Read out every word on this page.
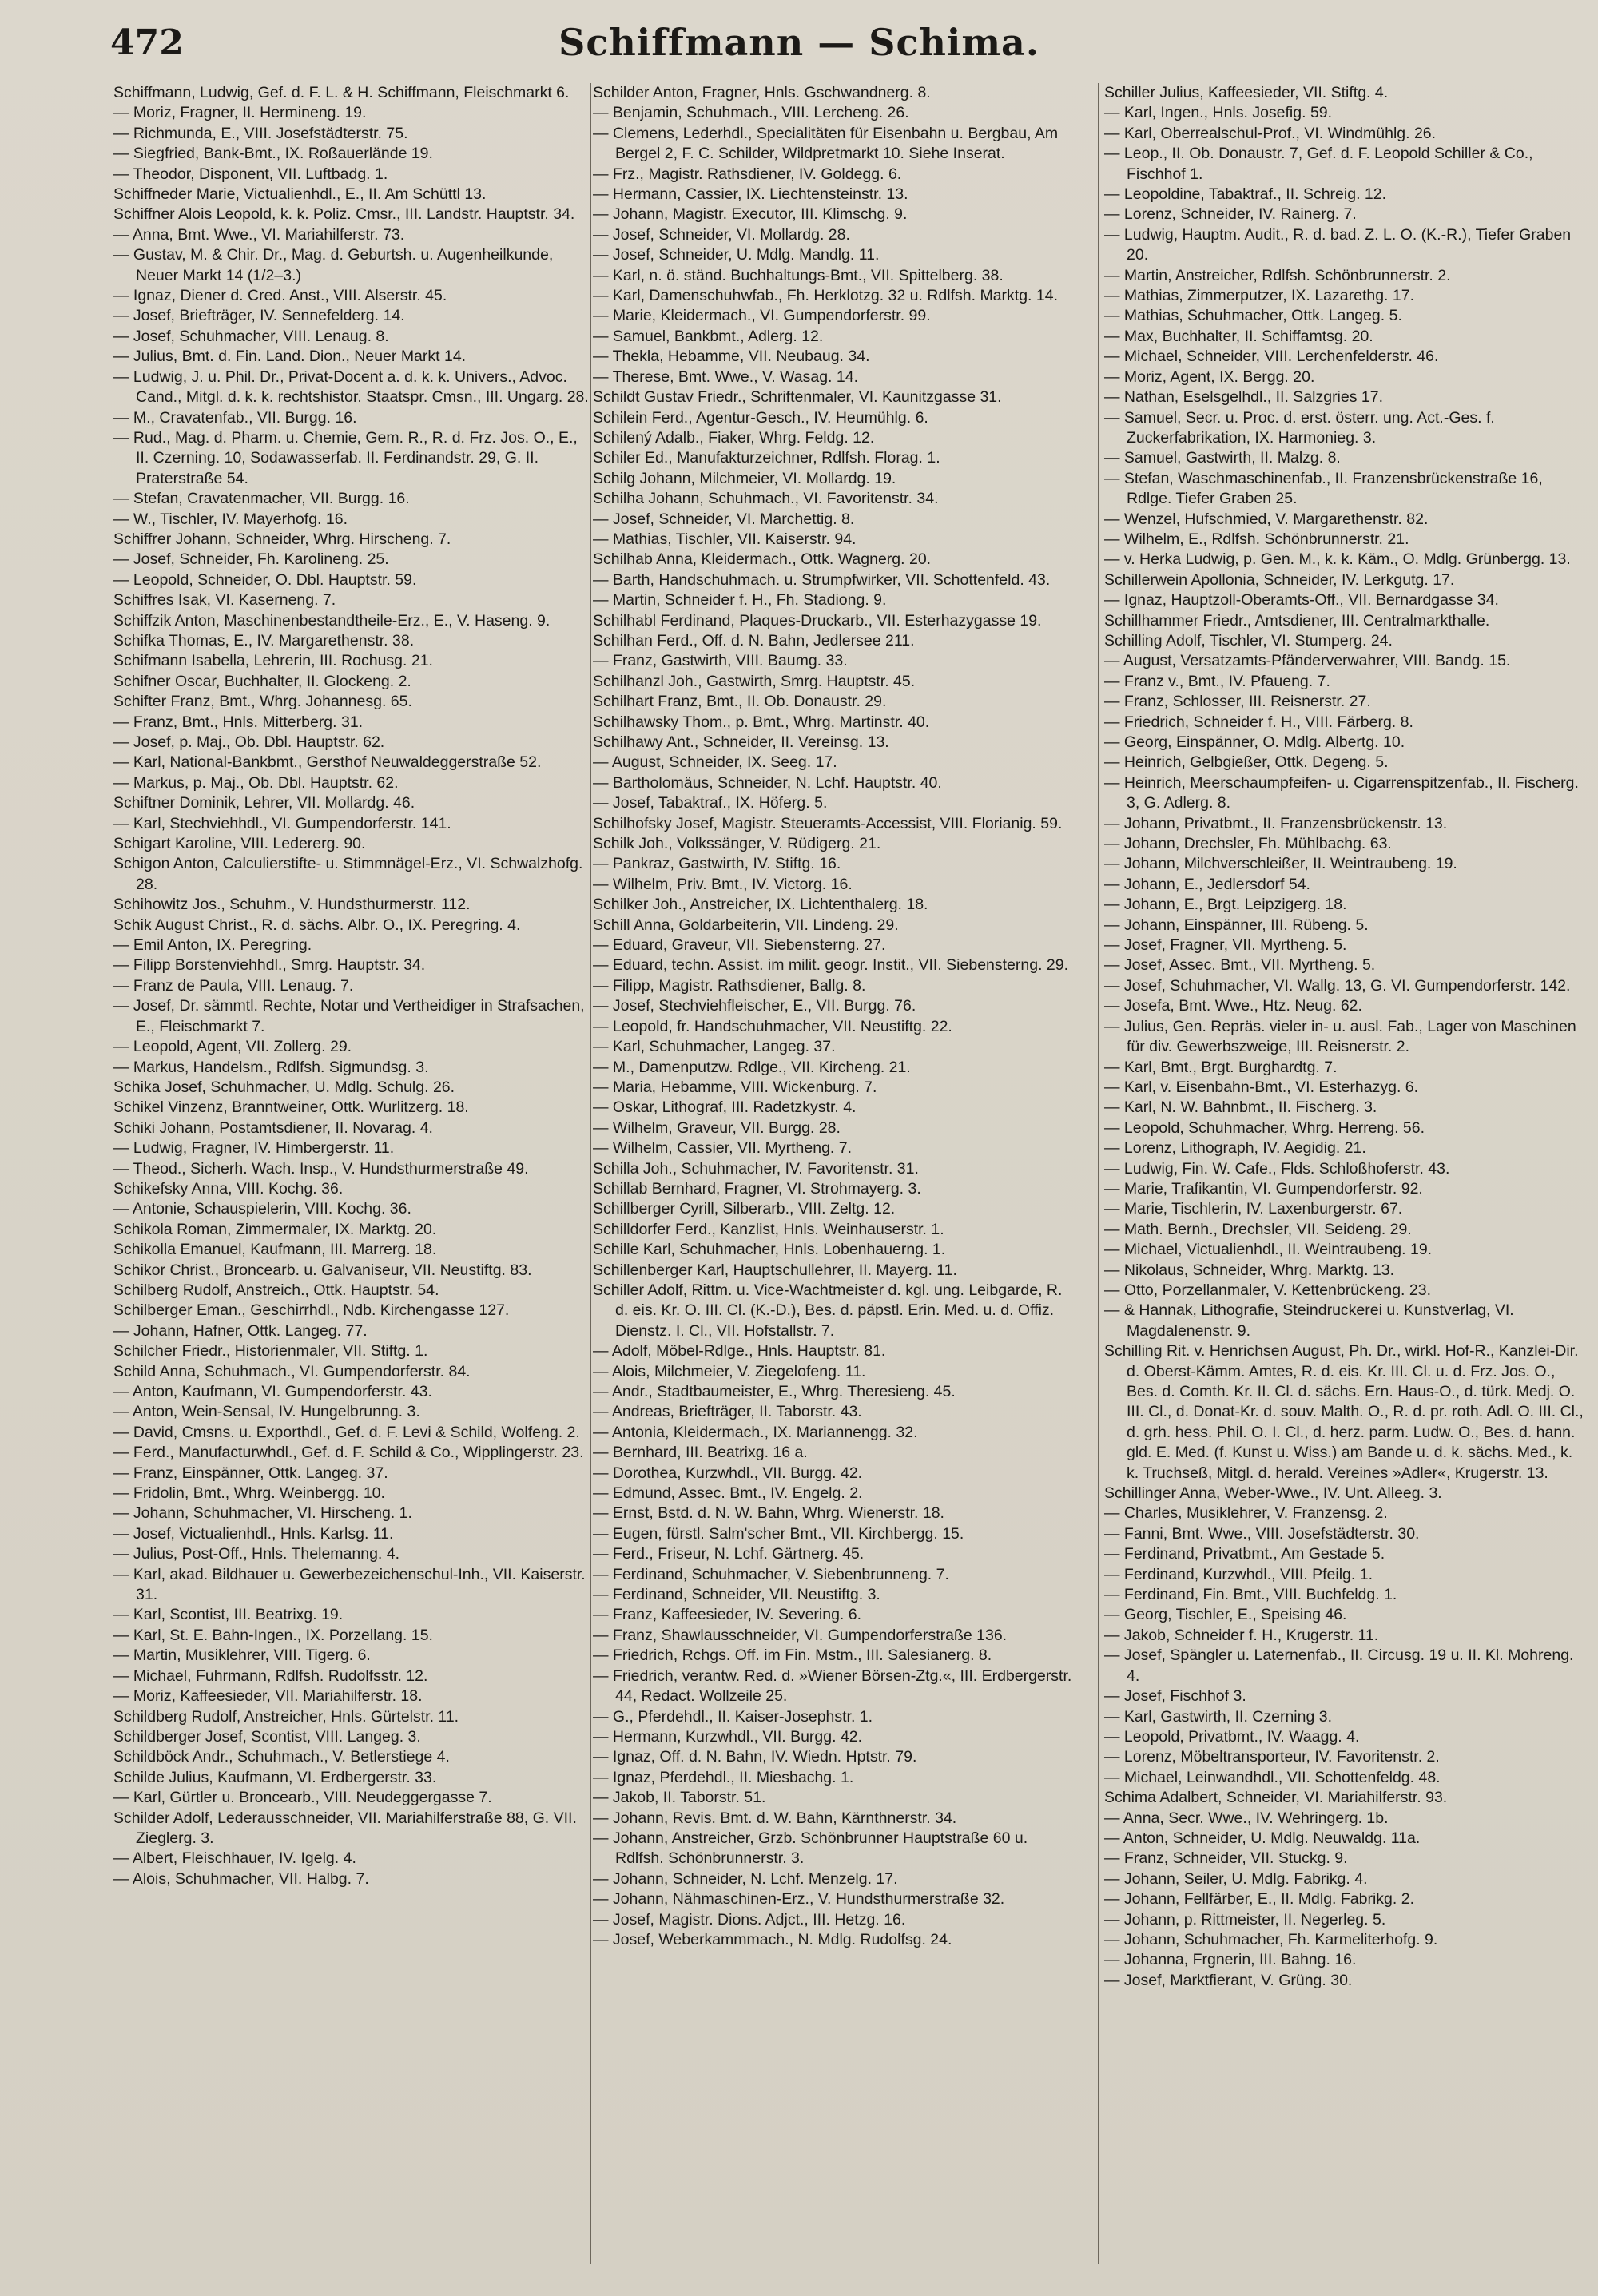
472	Schiffmann — Schima.
Schiffmann, Ludwig, Gef. d. F. L. & H. Schiffmann, Fleischmarkt 6.
— Moriz, Fragner, II. Hermineng. 19.
— Richmunda, E., VIII. Josefstädterstr. 75.
— Siegfried, Bank-Bmt., IX. Roßauerlände 19.
— Theodor, Disponent, VII. Luftbadg. 1.
Schiffneder Marie, Victualienhdl., E., II. Am Schüttl 13.
Schiffner Alois Leopold, k. k. Poliz. Cmsr., III. Landstr. Hauptstr. 34.
— Anna, Bmt. Wwe., VI. Mariahilferstr. 73.
— Gustav, M. & Chir. Dr., Mag. d. Geburtsh. u. Augenheilkunde, Neuer Markt 14 (1/2–3.)
— Ignaz, Diener d. Cred. Anst., VIII. Alserstr. 45.
— Josef, Briefträger, IV. Sennefelderg. 14.
— Josef, Schuhmacher, VIII. Lenaug. 8.
— Julius, Bmt. d. Fin. Land. Dion., Neuer Markt 14.
— Ludwig, J. u. Phil. Dr., Privat-Docent a. d. k. k. Univers., Advoc. Cand., Mitgl. d. k. k. rechtshistor. Staatspr. Cmsn., III. Ungarg. 28.
— M., Cravatenfab., VII. Burgg. 16.
— Rud., Mag. d. Pharm. u. Chemie, Gem. R., R. d. Frz. Jos. O., E., II. Czerning. 10, Sodawasserfab. II. Ferdinandstr. 29, G. II. Praterstraße 54.
— Stefan, Cravatenmacher, VII. Burgg. 16.
— W., Tischler, IV. Mayerhofg. 16.
Schiffrer Johann, Schneider, Whrg. Hirscheng. 7.
— Josef, Schneider, Fh. Karolineng. 25.
— Leopold, Schneider, O. Dbl. Hauptstr. 59.
Schiffres Isak, VI. Kaserneng. 7.
Schiffzik Anton, Maschinenbestandtheile-Erz., E., V. Haseng. 9.
Schifka Thomas, E., IV. Margarethenstr. 38.
Schifmann Isabella, Lehrerin, III. Rochusg. 21.
Schifner Oscar, Buchhalter, II. Glockeng. 2.
Schifter Franz, Bmt., Whrg. Johannesg. 65.
— Franz, Bmt., Hnls. Mitterberg. 31.
— Josef, p. Maj., Ob. Dbl. Hauptstr. 62.
— Karl, National-Bankbmt., Gersthof Neuwaldeggerstraße 52.
— Markus, p. Maj., Ob. Dbl. Hauptstr. 62.
Schiftner Dominik, Lehrer, VII. Mollardg. 46.
— Karl, Stechviehhdl., VI. Gumpendorferstr. 141.
Schigart Karoline, VIII. Ledererg. 90.
Schigon Anton, Calculierstifte- u. Stimmnägel-Erz., VI. Schwalzhofg. 28.
Schihowitz Jos., Schuhm., V. Hundsthurmerstr. 112.
Schik August Christ., R. d. sächs. Albr. O., IX. Peregring. 4.
— Emil Anton, IX. Peregring.
— Filipp Borstenviehhdl., Smrg. Hauptstr. 34.
— Franz de Paula, VIII. Lenaug. 7.
— Josef, Dr. sämmtl. Rechte, Notar und Vertheidiger in Strafsachen, E., Fleischmarkt 7.
— Leopold, Agent, VII. Zollerg. 29.
— Markus, Handelsm., Rdlfsh. Sigmundsg. 3.
Schika Josef, Schuhmacher, U. Mdlg. Schulg. 26.
Schikel Vinzenz, Branntweiner, Ottk. Wurlitzerg. 18.
Schiki Johann, Postamtsdiener, II. Novarag. 4.
— Ludwig, Fragner, IV. Himbergerstr. 11.
— Theod., Sicherh. Wach. Insp., V. Hundsthurmerstraße 49.
Schikefsky Anna, VIII. Kochg. 36.
— Antonie, Schauspielerin, VIII. Kochg. 36.
Schikola Roman, Zimmermaler, IX. Marktg. 20.
Schikolla Emanuel, Kaufmann, III. Marrerg. 18.
Schikor Christ., Broncearb. u. Galvaniseur, VII. Neustiftg. 83.
Schilberg Rudolf, Anstreich., Ottk. Hauptstr. 54.
Schilberger Eman., Geschirrhdl., Ndb. Kirchengasse 127.
— Johann, Hafner, Ottk. Langeg. 77.
Schilcher Friedr., Historienmaler, VII. Stiftg. 1.
Schild Anna, Schuhmach., VI. Gumpendorferstr. 84.
— Anton, Kaufmann, VI. Gumpendorferstr. 43.
— Anton, Wein-Sensal, IV. Hungelbrunng. 3.
— David, Cmsns. u. Exporthdl., Gef. d. F. Levi & Schild, Wolfeng. 2.
— Ferd., Manufacturwhdl., Gef. d. F. Schild & Co., Wipplingerstr. 23.
— Franz, Einspänner, Ottk. Langeg. 37.
— Fridolin, Bmt., Whrg. Weinbergg. 10.
— Johann, Schuhmacher, VI. Hirscheng. 1.
— Josef, Victualienhdl., Hnls. Karlsg. 11.
— Julius, Post-Off., Hnls. Thelemanng. 4.
— Karl, akad. Bildhauer u. Gewerbezeichenschul-Inh., VII. Kaiserstr. 31.
— Karl, Scontist, III. Beatrixg. 19.
— Karl, St. E. Bahn-Ingen., IX. Porzellang. 15.
— Martin, Musiklehrer, VIII. Tigerg. 6.
— Michael, Fuhrmann, Rdlfsh. Rudolfsstr. 12.
— Moriz, Kaffeesieder, VII. Mariahilferstr. 18.
Schildberg Rudolf, Anstreicher, Hnls. Gürtelstr. 11.
Schildberger Josef, Scontist, VIII. Langeg. 3.
Schildböck Andr., Schuhmach., V. Betlerstiege 4.
Schilde Julius, Kaufmann, VI. Erdbergerstr. 33.
— Karl, Gürtler u. Broncearb., VIII. Neudeggergasse 7.
Schilder Adolf, Lederausschneider, VII. Mariahilferstraße 88, G. VII. Zieglerg. 3.
— Albert, Fleischhauer, IV. Igelg. 4.
— Alois, Schuhmacher, VII. Halbg. 7.
Schilder Anton, Fragner, Hnls. Gschwandnerg. 8.
— Benjamin, Schuhmach., VIII. Lercheng. 26.
— Clemens, Lederhdl., Specialitäten für Eisenbahn u. Bergbau, Am Bergel 2, F. C. Schilder, Wildpretmarkt 10. Siehe Inserat.
— Frz., Magistr. Rathsdiener, IV. Goldegg. 6.
— Hermann, Cassier, IX. Liechtensteinstr. 13.
— Johann, Magistr. Executor, III. Klimschg. 9.
— Josef, Schneider, VI. Mollardg. 28.
— Josef, Schneider, U. Mdlg. Mandlg. 11.
— Karl, n. ö. ständ. Buchhaltungs-Bmt., VII. Spittelberg. 38.
— Karl, Damenschuhwfab., Fh. Herklotzg. 32 u. Rdlfsh. Marktg. 14.
— Marie, Kleidermach., VI. Gumpendorferstr. 99.
— Samuel, Bankbmt., Adlerg. 12.
— Thekla, Hebamme, VII. Neubaug. 34.
— Therese, Bmt. Wwe., V. Wasag. 14.
Schildt Gustav Friedr., Schriftenmaler, VI. Kaunitzgasse 31.
Schilein Ferd., Agentur-Gesch., IV. Heumühlg. 6.
Schilený Adalb., Fiaker, Whrg. Feldg. 12.
Schiler Ed., Manufakturzeichner, Rdlfsh. Florag. 1.
Schilg Johann, Milchmeier, VI. Mollardg. 19.
Schilha Johann, Schuhmach., VI. Favoritenstr. 34.
— Josef, Schneider, VI. Marchettig. 8.
— Mathias, Tischler, VII. Kaiserstr. 94.
Schilhab Anna, Kleidermach., Ottk. Wagnerg. 20.
— Barth, Handschuhmach. u. Strumpfwirker, VII. Schottenfeld. 43.
— Martin, Schneider f. H., Fh. Stadiong. 9.
Schilhabl Ferdinand, Plaques-Druckarb., VII. Esterhazygasse 19.
Schilhan Ferd., Off. d. N. Bahn, Jedlersee 211.
— Franz, Gastwirth, VIII. Baumg. 33.
Schilhanzl Joh., Gastwirth, Smrg. Hauptstr. 45.
Schilhart Franz, Bmt., II. Ob. Donaustr. 29.
Schilhawsky Thom., p. Bmt., Whrg. Martinstr. 40.
Schilhawy Ant., Schneider, II. Vereinsg. 13.
— August, Schneider, IX. Seeg. 17.
— Bartholomäus, Schneider, N. Lchf. Hauptstr. 40.
— Josef, Tabaktraf., IX. Höferg. 5.
Schilhofsky Josef, Magistr. Steueramts-Accessist, VIII. Florianig. 59.
Schilk Joh., Volkssänger, V. Rüdigerg. 21.
— Pankraz, Gastwirth, IV. Stiftg. 16.
— Wilhelm, Priv. Bmt., IV. Victorg. 16.
Schilker Joh., Anstreicher, IX. Lichtenthalerg. 18.
Schill Anna, Goldarbeiterin, VII. Lindeng. 29.
— Eduard, Graveur, VII. Siebensterng. 27.
— Eduard, techn. Assist. im milit. geogr. Instit., VII. Siebensterng. 29.
— Filipp, Magistr. Rathsdiener, Ballg. 8.
— Josef, Stechviehfleischer, E., VII. Burgg. 76.
— Leopold, fr. Handschuhmacher, VII. Neustiftg. 22.
— Karl, Schuhmacher, Langeg. 37.
— M., Damenputzw. Rdlge., VII. Kircheng. 21.
— Maria, Hebamme, VIII. Wickenburg. 7.
— Oskar, Lithograf, III. Radetzkystr. 4.
— Wilhelm, Graveur, VII. Burgg. 28.
— Wilhelm, Cassier, VII. Myrtheng. 7.
Schilla Joh., Schuhmacher, IV. Favoritenstr. 31.
Schillab Bernhard, Fragner, VI. Strohmayerg. 3.
Schillberger Cyrill, Silberarb., VIII. Zeltg. 12.
Schilldorfer Ferd., Kanzlist, Hnls. Weinhauserstr. 1.
Schille Karl, Schuhmacher, Hnls. Lobenhauerng. 1.
Schillenberger Karl, Hauptschullehrer, II. Mayerg. 11.
Schiller Adolf, Rittm. u. Vice-Wachtmeister d. kgl. ung. Leibgarde, R. d. eis. Kr. O. III. Cl. (K.-D.), Bes. d. päpstl. Erin. Med. u. d. Offiz. Dienstz. I. Cl., VII. Hofstallstr. 7.
— Adolf, Möbel-Rdlge., Hnls. Hauptstr. 81.
— Alois, Milchmeier, V. Ziegelofeng. 11.
— Andr., Stadtbaumeister, E., Whrg. Theresieng. 45.
— Andreas, Briefträger, II. Taborstr. 43.
— Antonia, Kleidermach., IX. Mariannengg. 32.
— Bernhard, III. Beatrixg. 16 a.
— Dorothea, Kurzwhdl., VII. Burgg. 42.
— Edmund, Assec. Bmt., IV. Engelg. 2.
— Ernst, Bstd. d. N. W. Bahn, Whrg. Wienerstr. 18.
— Eugen, fürstl. Salm'scher Bmt., VII. Kirchbergg. 15.
— Ferd., Friseur, N. Lchf. Gärtnerg. 45.
— Ferdinand, Schuhmacher, V. Siebenbrunneng. 7.
— Ferdinand, Schneider, VII. Neustiftg. 3.
— Franz, Kaffeesieder, IV. Severing. 6.
— Franz, Shawlausschneider, VI. Gumpendorferstraße 136.
— Friedrich, Rchgs. Off. im Fin. Mstm., III. Salesianerg. 8.
— Friedrich, verantw. Red. d. »Wiener Börsen-Ztg.«, III. Erdbergerstr. 44, Redact. Wollzeile 25.
— G., Pferdehdl., II. Kaiser-Josephstr. 1.
— Hermann, Kurzwhdl., VII. Burgg. 42.
— Ignaz, Off. d. N. Bahn, IV. Wiedn. Hptstr. 79.
— Ignaz, Pferdehdl., II. Miesbachg. 1.
— Jakob, II. Taborstr. 51.
— Johann, Revis. Bmt. d. W. Bahn, Kärnthnerstr. 34.
— Johann, Anstreicher, Grzb. Schönbrunner Hauptstraße 60 u. Rdlfsh. Schönbrunnerstr. 3.
— Johann, Schneider, N. Lchf. Menzelg. 17.
— Johann, Nähmaschinen-Erz., V. Hundsthurmerstraße 32.
— Josef, Magistr. Dions. Adjct., III. Hetzg. 16.
— Josef, Weberkammmach., N. Mdlg. Rudolfsg. 24.
Schiller Julius, Kaffeesieder, VII. Stiftg. 4.
— Karl, Ingen., Hnls. Josefig. 59.
— Karl, Oberrealschul-Prof., VI. Windmühlg. 26.
— Leop., II. Ob. Donaustr. 7, Gef. d. F. Leopold Schiller & Co., Fischhof 1.
— Leopoldine, Tabaktraf., II. Schreig. 12.
— Lorenz, Schneider, IV. Rainerg. 7.
— Ludwig, Hauptm. Audit., R. d. bad. Z. L. O. (K.-R.), Tiefer Graben 20.
— Martin, Anstreicher, Rdlfsh. Schönbrunnerstr. 2.
— Mathias, Zimmerputzer, IX. Lazarethg. 17.
— Mathias, Schuhmacher, Ottk. Langeg. 5.
— Max, Buchhalter, II. Schiffamtsg. 20.
— Michael, Schneider, VIII. Lerchenfelderstr. 46.
— Moriz, Agent, IX. Bergg. 20.
— Nathan, Eselsgelhdl., II. Salzgries 17.
— Samuel, Secr. u. Proc. d. erst. österr. ung. Act.-Ges. f. Zuckerfabrikation, IX. Harmonieg. 3.
— Samuel, Gastwirth, II. Malzg. 8.
— Stefan, Waschmaschinenfab., II. Franzensbrückenstraße 16, Rdlge. Tiefer Graben 25.
— Wenzel, Hufschmied, V. Margarethenstr. 82.
— Wilhelm, E., Rdlfsh. Schönbrunnerstr. 21.
— v. Herka Ludwig, p. Gen. M., k. k. Käm., O. Mdlg. Grünbergg. 13.
Schillerwein Apollonia, Schneider, IV. Lerkgutg. 17.
— Ignaz, Hauptzoll-Oberamts-Off., VII. Bernardgasse 34.
Schillhammer Friedr., Amtsdiener, III. Centralmarkthalle.
Schilling Adolf, Tischler, VI. Stumperg. 24.
— August, Versatzamts-Pfänderverwahrer, VIII. Bandg. 15.
— Franz v., Bmt., IV. Pfaueng. 7.
— Franz, Schlosser, III. Reisnerstr. 27.
— Friedrich, Schneider f. H., VIII. Färberg. 8.
— Georg, Einspänner, O. Mdlg. Albertg. 10.
— Heinrich, Gelbgießer, Ottk. Degeng. 5.
— Heinrich, Meerschaumpfeifen- u. Cigarrenspitzenfab., II. Fischerg. 3, G. Adlerg. 8.
— Johann, Privatbmt., II. Franzensbrückenstr. 13.
— Johann, Drechsler, Fh. Mühlbachg. 63.
— Johann, Milchverschleißer, II. Weintraubeng. 19.
— Johann, E., Jedlersdorf 54.
— Johann, E., Brgt. Leipzigerg. 18.
— Johann, Einspänner, III. Rübeng. 5.
— Josef, Fragner, VII. Myrtheng. 5.
— Josef, Assec. Bmt., VII. Myrtheng. 5.
— Josef, Schuhmacher, VI. Wallg. 13, G. VI. Gumpendorferstr. 142.
— Josefa, Bmt. Wwe., Htz. Neug. 62.
— Julius, Gen. Repräs. vieler in- u. ausl. Fab., Lager von Maschinen für div. Gewerbszweige, III. Reisnerstr. 2.
— Karl, Bmt., Brgt. Burghardtg. 7.
— Karl, v. Eisenbahn-Bmt., VI. Esterhazyg. 6.
— Karl, N. W. Bahnbmt., II. Fischerg. 3.
— Leopold, Schuhmacher, Whrg. Herreng. 56.
— Lorenz, Lithograph, IV. Aegidig. 21.
— Ludwig, Fin. W. Cafe., Flds. Schloßhoferstr. 43.
— Marie, Trafikantin, VI. Gumpendorferstr. 92.
— Marie, Tischlerin, IV. Laxenburgerstr. 67.
— Math. Bernh., Drechsler, VII. Seideng. 29.
— Michael, Victualienhdl., II. Weintraubeng. 19.
— Nikolaus, Schneider, Whrg. Marktg. 13.
— Otto, Porzellanmaler, V. Kettenbrückeng. 23.
— & Hannak, Lithografie, Steindruckerei u. Kunstverlag, VI. Magdalenenstr. 9.
Schilling Rit. v. Henrichsen August, Ph. Dr., wirkl. Hof-R., Kanzlei-Dir. d. Oberst-Kämm. Amtes, R. d. eis. Kr. III. Cl. u. d. Frz. Jos. O., Bes. d. Comth. Kr. II. Cl. d. sächs. Ern. Haus-O., d. türk. Medj. O. III. Cl., d. Donat-Kr. d. souv. Malth. O., R. d. pr. roth. Adl. O. III. Cl., d. grh. hess. Phil. O. I. Cl., d. herz. parm. Ludw. O., Bes. d. hann. gld. E. Med. (f. Kunst u. Wiss.) am Bande u. d. k. sächs. Med., k. k. Truchseß, Mitgl. d. herald. Vereines »Adler«, Krugerstr. 13.
Schillinger Anna, Weber-Wwe., IV. Unt. Alleeg. 3.
— Charles, Musiklehrer, V. Franzensg. 2.
— Fanni, Bmt. Wwe., VIII. Josefstädterstr. 30.
— Ferdinand, Privatbmt., Am Gestade 5.
— Ferdinand, Kurzwhdl., VIII. Pfeilg. 1.
— Ferdinand, Fin. Bmt., VIII. Buchfeldg. 1.
— Georg, Tischler, E., Speising 46.
— Jakob, Schneider f. H., Krugerstr. 11.
— Josef, Spängler u. Laternenfab., II. Circusg. 19 u. II. Kl. Mohreng. 4.
— Josef, Fischhof 3.
— Karl, Gastwirth, II. Czerning 3.
— Leopold, Privatbmt., IV. Waagg. 4.
— Lorenz, Möbeltransporteur, IV. Favoritenstr. 2.
— Michael, Leinwandhdl., VII. Schottenfeldg. 48.
Schima Adalbert, Schneider, VI. Mariahilferstr. 93.
— Anna, Secr. Wwe., IV. Wehringerg. 1b.
— Anton, Schneider, U. Mdlg. Neuwaldg. 11a.
— Franz, Schneider, VII. Stuckg. 9.
— Johann, Seiler, U. Mdlg. Fabrikg. 4.
— Johann, Fellfärber, E., II. Mdlg. Fabrikg. 2.
— Johann, p. Rittmeister, II. Negerleg. 5.
— Johann, Schuhmacher, Fh. Karmeliterhofg. 9.
— Johanna, Frgnerin, III. Bahng. 16.
— Josef, Marktfierant, V. Grüng. 30.
